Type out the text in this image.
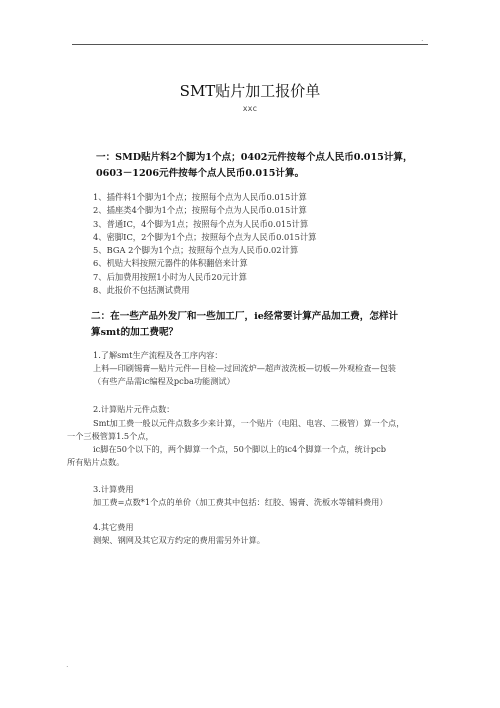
.
SMT贴片加工报价单
xxc
一：SMD贴片料2个脚为1个点；0402元件按每个点人民币0.015计算，
0603－1206元件按每个点人民币0.015计算。
1、插件料1个脚为1个点；按照每个点为人民币0.015计算
2、插座类4个脚为1个点；按照每个点为人民币0.015计算
3、普通IC，4个脚为1点；按照每个点为人民币0.015计算
4、密脚IC，2个脚为1个点；按照每个点为人民币0.015计算
5、BGA 2个脚为1个点；按照每个点为人民币0.02计算
6、机贴大料按照元器件的体积翻倍来计算
7、后加费用按照1小时为人民币20元计算
8、此报价不包括测试费用
二：在一些产品外发厂和一些加工厂，ie经常要计算产品加工费，怎样计
算smt的加工费呢？
1.了解smt生产流程及各工序内容：
上料—印刷锡膏—贴片元件—目检—过回流炉—超声波洗板—切板—外观检查—包装
（有些产品需ic编程及pcba功能测试）
2.计算贴片元件点数：
Smt加工费一般以元件点数多少来计算，一个贴片（电阻、电容、二极管）算一个点，
一个三极管算1.5个点，
ic脚在50个以下的，两个脚算一个点，50个脚以上的ic4个脚算一个点，统计pcb
所有贴片点数。
3.计算费用
加工费=点数*1个点的单价（加工费其中包括：红胶、锡膏、洗板水等辅料费用）
4.其它费用
测架、钢网及其它双方约定的费用需另外计算。
.
